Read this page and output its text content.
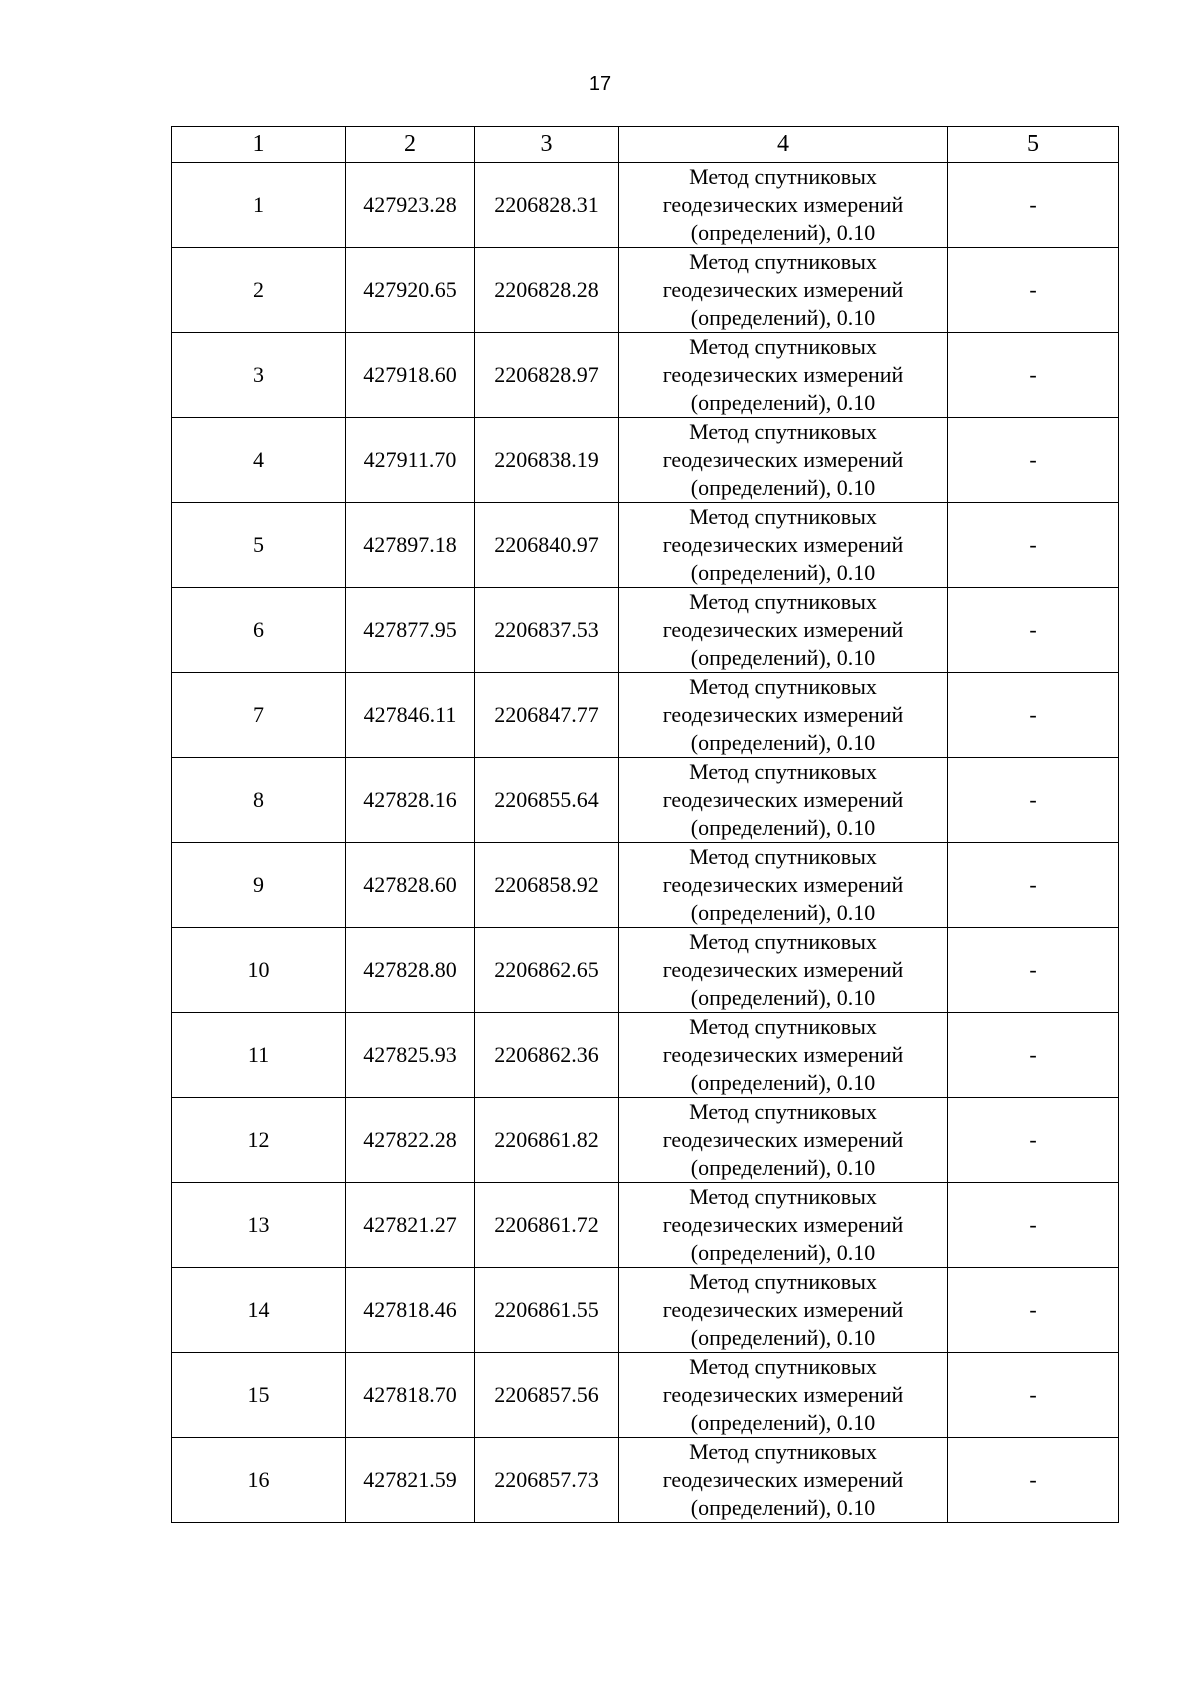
17
1	2	3	4	5
1	427923.28	2206828.31	Метод спутниковых
геодезических измерений
(определений), 0.10	-
2	427920.65	2206828.28	Метод спутниковых
геодезических измерений
(определений), 0.10	-
3	427918.60	2206828.97	Метод спутниковых
геодезических измерений
(определений), 0.10	-
4	427911.70	2206838.19	Метод спутниковых
геодезических измерений
(определений), 0.10	-
5	427897.18	2206840.97	Метод спутниковых
геодезических измерений
(определений), 0.10	-
6	427877.95	2206837.53	Метод спутниковых
геодезических измерений
(определений), 0.10	-
7	427846.11	2206847.77	Метод спутниковых
геодезических измерений
(определений), 0.10	-
8	427828.16	2206855.64	Метод спутниковых
геодезических измерений
(определений), 0.10	-
9	427828.60	2206858.92	Метод спутниковых
геодезических измерений
(определений), 0.10	-
10	427828.80	2206862.65	Метод спутниковых
геодезических измерений
(определений), 0.10	-
11	427825.93	2206862.36	Метод спутниковых
геодезических измерений
(определений), 0.10	-
12	427822.28	2206861.82	Метод спутниковых
геодезических измерений
(определений), 0.10	-
13	427821.27	2206861.72	Метод спутниковых
геодезических измерений
(определений), 0.10	-
14	427818.46	2206861.55	Метод спутниковых
геодезических измерений
(определений), 0.10	-
15	427818.70	2206857.56	Метод спутниковых
геодезических измерений
(определений), 0.10	-
16	427821.59	2206857.73	Метод спутниковых
геодезических измерений
(определений), 0.10	-
